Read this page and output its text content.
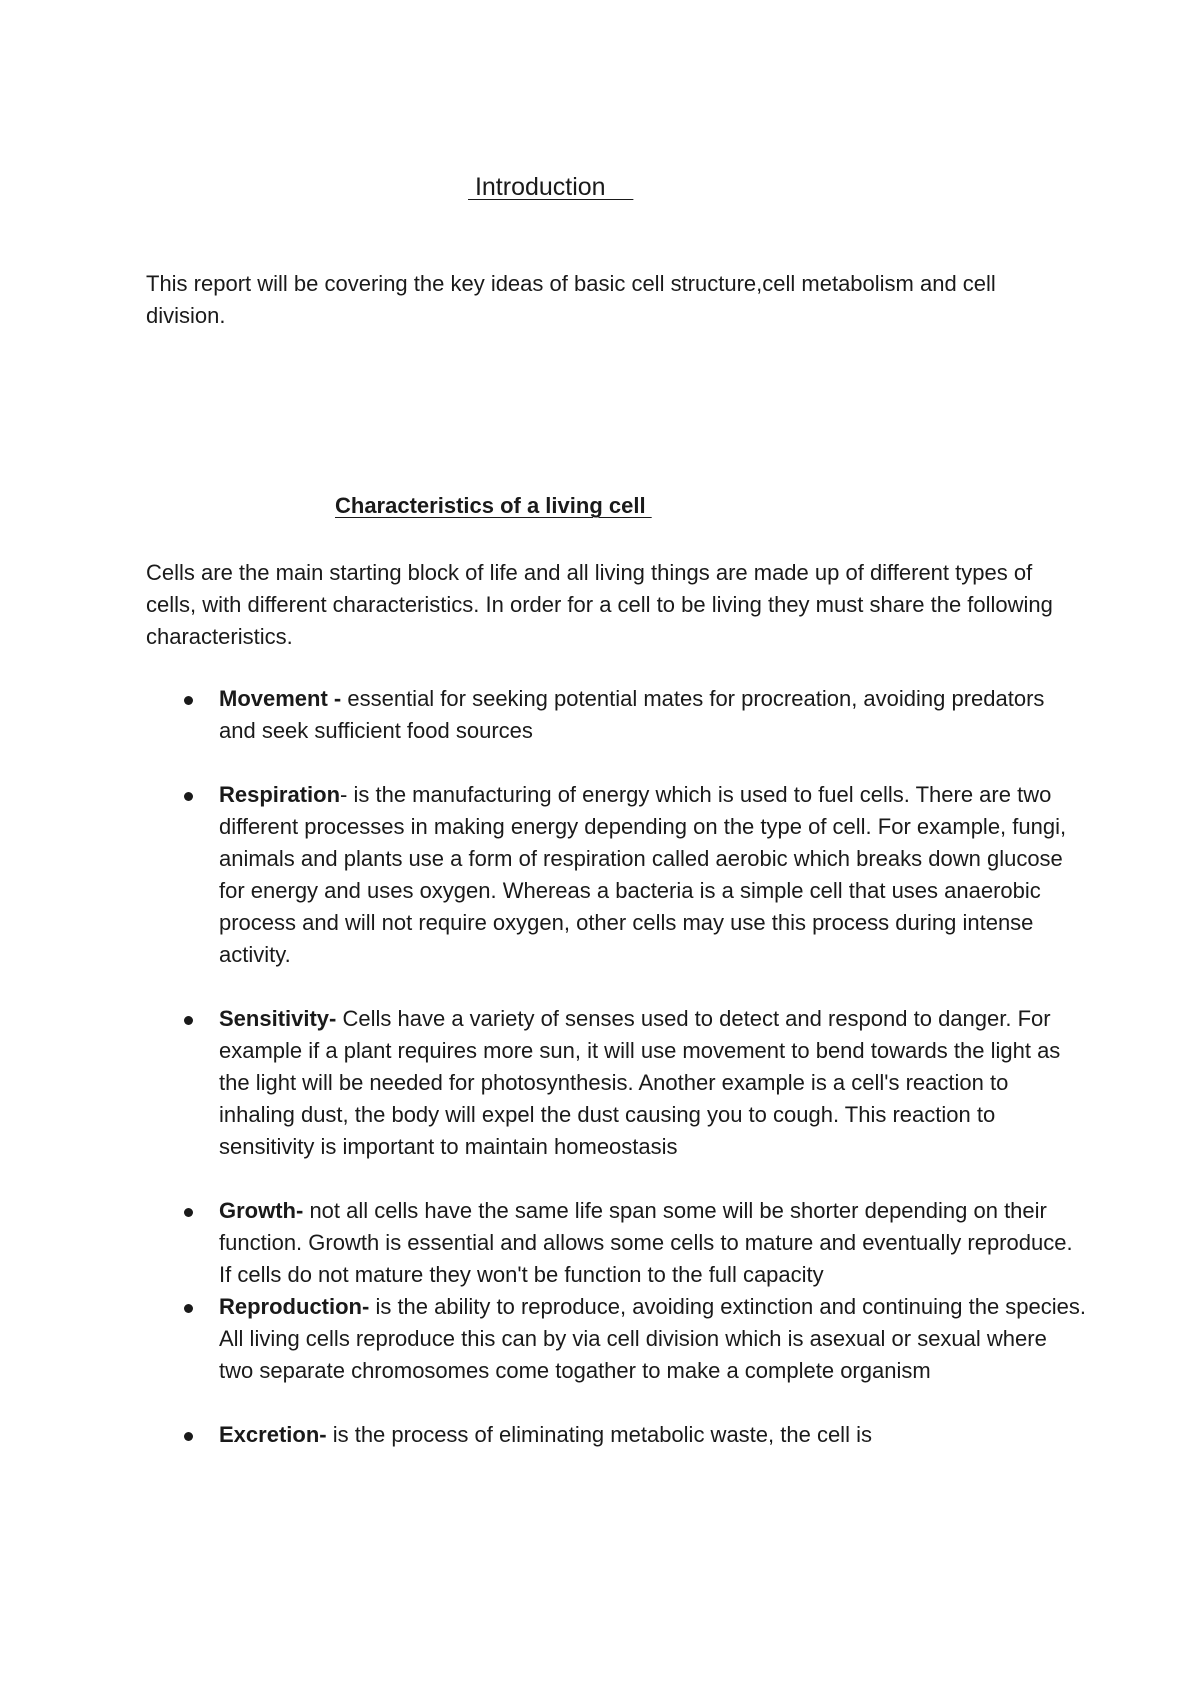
Introduction

This report will be covering the key ideas of basic cell structure,cell metabolism and cell division.

Characteristics of a living cell

Cells are the main starting block of life and all living things are made up of different types of cells, with different characteristics. In order for a cell to be living they must share the following characteristics.

Movement - essential for seeking potential mates for procreation, avoiding predators and seek sufficient food sources
Respiration- is the manufacturing of energy which is used to fuel cells. There are two different processes in making energy depending on the type of cell. For example, fungi, animals and plants use a form of respiration called aerobic which breaks down glucose for energy and uses oxygen. Whereas a bacteria is a simple cell that uses anaerobic process and will not require oxygen, other cells may use this process during intense activity.
Sensitivity- Cells have a variety of senses used to detect and respond to danger. For example if a plant requires more sun, it will use movement to bend towards the light as the light will be needed for photosynthesis. Another example is a cell's reaction to inhaling dust, the body will expel the dust causing you to cough. This reaction to sensitivity is important to maintain homeostasis
Growth- not all cells have the same life span some will be shorter depending on their function. Growth is essential and allows some cells to mature and eventually reproduce. If cells do not mature they won't be function to the full capacity
Reproduction- is the ability to reproduce, avoiding extinction and continuing the species. All living cells reproduce this can by via cell division which is asexual or sexual where two separate chromosomes come togather to make a complete organism
Excretion- is the process of eliminating metabolic waste, the cell is
